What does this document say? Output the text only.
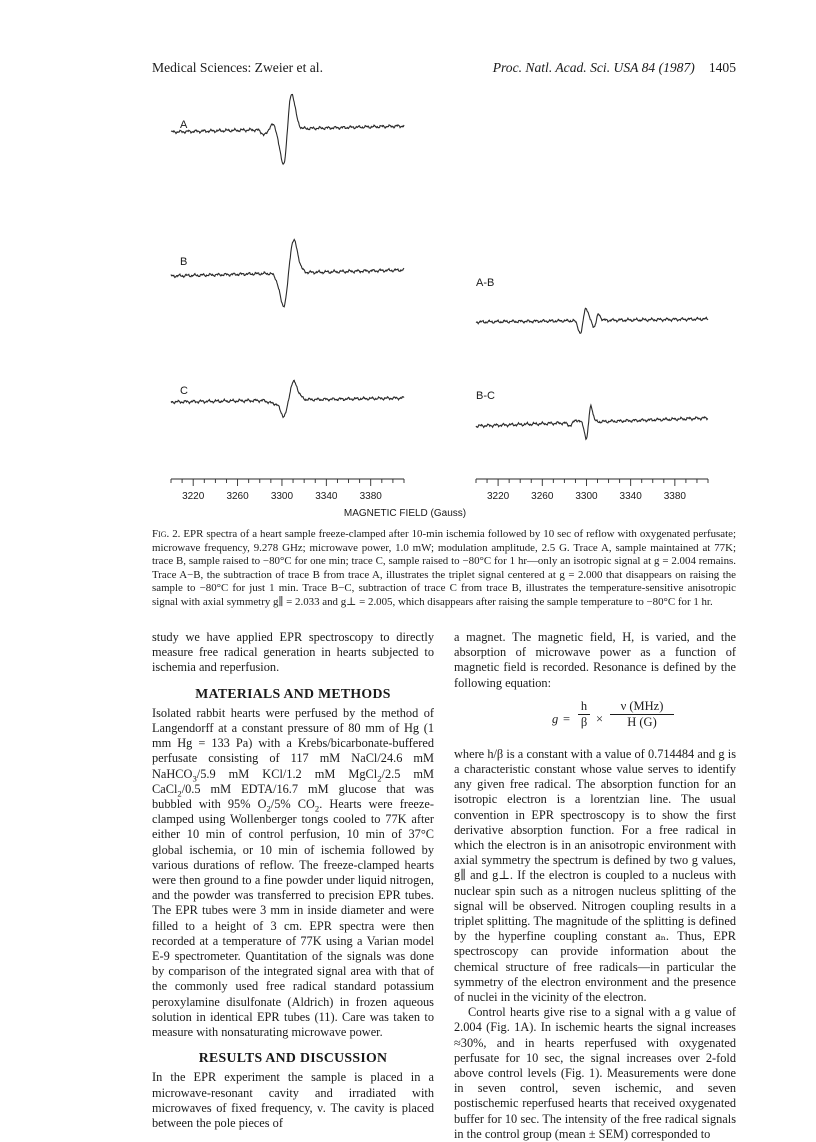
Medical Sciences: Zweier et al.	Proc. Natl. Acad. Sci. USA 84 (1987) 1405
A
B
C
A-B
B-C
MAGNETIC FIELD (Gauss)
3220 3260 3300 3340 3380	3220 3260 3300 3340 3380
Fig. 2. EPR spectra of a heart sample freeze-clamped after 10-min ischemia followed by 10 sec of reflow with oxygenated perfusate; microwave frequency, 9.278 GHz; microwave power, 1.0 mW; modulation amplitude, 2.5 G. Trace A, sample maintained at 77K; trace B, sample raised to −80°C for one min; trace C, sample raised to −80°C for 1 hr—only an isotropic signal at g = 2.004 remains. Trace A−B, the subtraction of trace B from trace A, illustrates the triplet signal centered at g = 2.000 that disappears on raising the sample to −80°C for just 1 min. Trace B−C, subtraction of trace C from trace B, illustrates the temperature-sensitive anisotropic signal with axial symmetry g∥ = 2.033 and g⊥ = 2.005, which disappears after raising the sample temperature to −80°C for 1 hr.

study we have applied EPR spectroscopy to directly measure free radical generation in hearts subjected to ischemia and reperfusion.

MATERIALS AND METHODS

Isolated rabbit hearts were perfused by the method of Langendorff at a constant pressure of 80 mm of Hg (1 mm Hg = 133 Pa) with a Krebs/bicarbonate-buffered perfusate consisting of 117 mM NaCl/24.6 mM NaHCO$_3$/5.9 mM KCl/1.2 mM MgCl$_2$/2.5 mM CaCl$_2$/0.5 mM EDTA/16.7 mM glucose that was bubbled with 95% $O_2/5\%$ $CO_2$. Hearts were freeze-clamped using Wollenberger tongs cooled to 77K after either 10 min of control perfusion, 10 min of 37°C global ischemia, or 10 min of ischemia followed by various durations of reflow. The freeze-clamped hearts were then ground to a fine powder under liquid nitrogen, and the powder was transferred to precision EPR tubes. The EPR tubes were 3 mm in inside diameter and were filled to a height of 3 cm. EPR spectra were then recorded at a temperature of 77K using a Varian model E-9 spectrometer. Quantitation of the signals was done by comparison of the integrated signal area with that of the commonly used free radical standard potassium peroxylamine disulfonate (Aldrich) in frozen aqueous solution in identical EPR tubes (11). Care was taken to measure with nonsaturating microwave power.

RESULTS AND DISCUSSION

In the EPR experiment the sample is placed in a microwave-resonant cavity and irradiated with microwaves of fixed frequency, ν. The cavity is placed between the pole pieces of

a magnet. The magnetic field, H, is varied, and the absorption of microwave power as a function of magnetic field is recorded. Resonance is defined by the following equation:

$g = \frac{h}{\beta}$ ×
ν (MHz)
H (G)

where h/β is a constant with a value of 0.714484 and g is a characteristic constant whose value serves to identify any given free radical. The absorption function for an isotropic electron is a lorentzian line. The usual convention in EPR spectroscopy is to show the first derivative absorption function. For a free radical in which the electron is in an anisotropic environment with axial symmetry the spectrum is defined by two g values, g∥ and g⊥. If the electron is coupled to a nucleus with nuclear spin such as a nitrogen nucleus splitting of the signal will be observed. Nitrogen coupling results in a triplet splitting. The magnitude of the splitting is defined by the hyperfine coupling constant aₙ. Thus, EPR spectroscopy can provide information about the chemical structure of free radicals—in particular the symmetry of the electron environment and the presence of nuclei in the vicinity of the electron.

Control hearts give rise to a signal with a g value of 2.004 (Fig. 1A). In ischemic hearts the signal increases ≈30%, and in hearts reperfused with oxygenated perfusate for 10 sec, the signal increases over 2-fold above control levels (Fig. 1). Measurements were done in seven control, seven ischemic, and seven postischemic reperfused hearts that received oxygenated buffer for 10 sec. The intensity of the free radical signals in the control group (mean ± SEM) corresponded to
